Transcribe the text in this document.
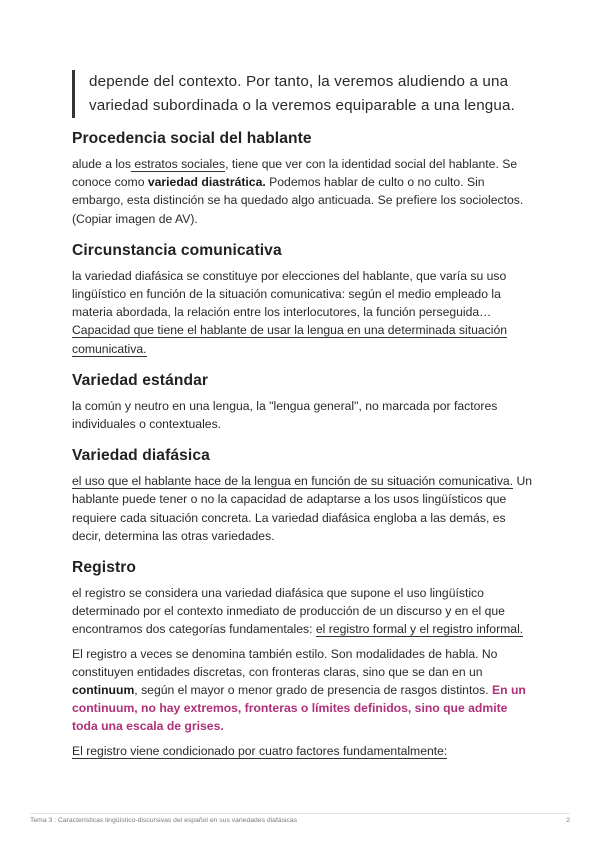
depende del contexto. Por tanto, la veremos aludiendo a una

variedad subordinada o la veremos equiparable a una lengua.

Procedencia social del hablante

alude a los estratos sociales, tiene que ver con la identidad social del hablante. Se conoce como variedad diastrática. Podemos hablar de culto o no culto. Sin embargo, esta distinción se ha quedado algo anticuada. Se prefiere los sociolectos. (Copiar imagen de AV).

Circunstancia comunicativa

la variedad diafásica se constituye por elecciones del hablante, que varía su uso lingüístico en función de la situación comunicativa: según el medio empleado la materia abordada, la relación entre los interlocutores, la función perseguida… Capacidad que tiene el hablante de usar la lengua en una determinada situación comunicativa.

Variedad estándar

la común y neutro en una lengua, la "lengua general", no marcada por factores individuales o contextuales.

Variedad diafásica

el uso que el hablante hace de la lengua en función de su situación comunicativa. Un hablante puede tener o no la capacidad de adaptarse a los usos lingüísticos que requiere cada situación concreta. La variedad diafásica engloba a las demás, es decir, determina las otras variedades.

Registro

el registro se considera una variedad diafásica que supone el uso lingüístico determinado por el contexto inmediato de producción de un discurso y en el que encontramos dos categorías fundamentales: el registro formal y el registro informal.

El registro a veces se denomina también estilo. Son modalidades de habla. No constituyen entidades discretas, con fronteras claras, sino que se dan en un continuum, según el mayor o menor grado de presencia de rasgos distintos. En un continuum, no hay extremos, fronteras o límites definidos, sino que admite toda una escala de grises.

El registro viene condicionado por cuatro factores fundamentalmente:

Tema 3 : Características lingüístico-discursivas del español en sus variedades diafásicas	2
